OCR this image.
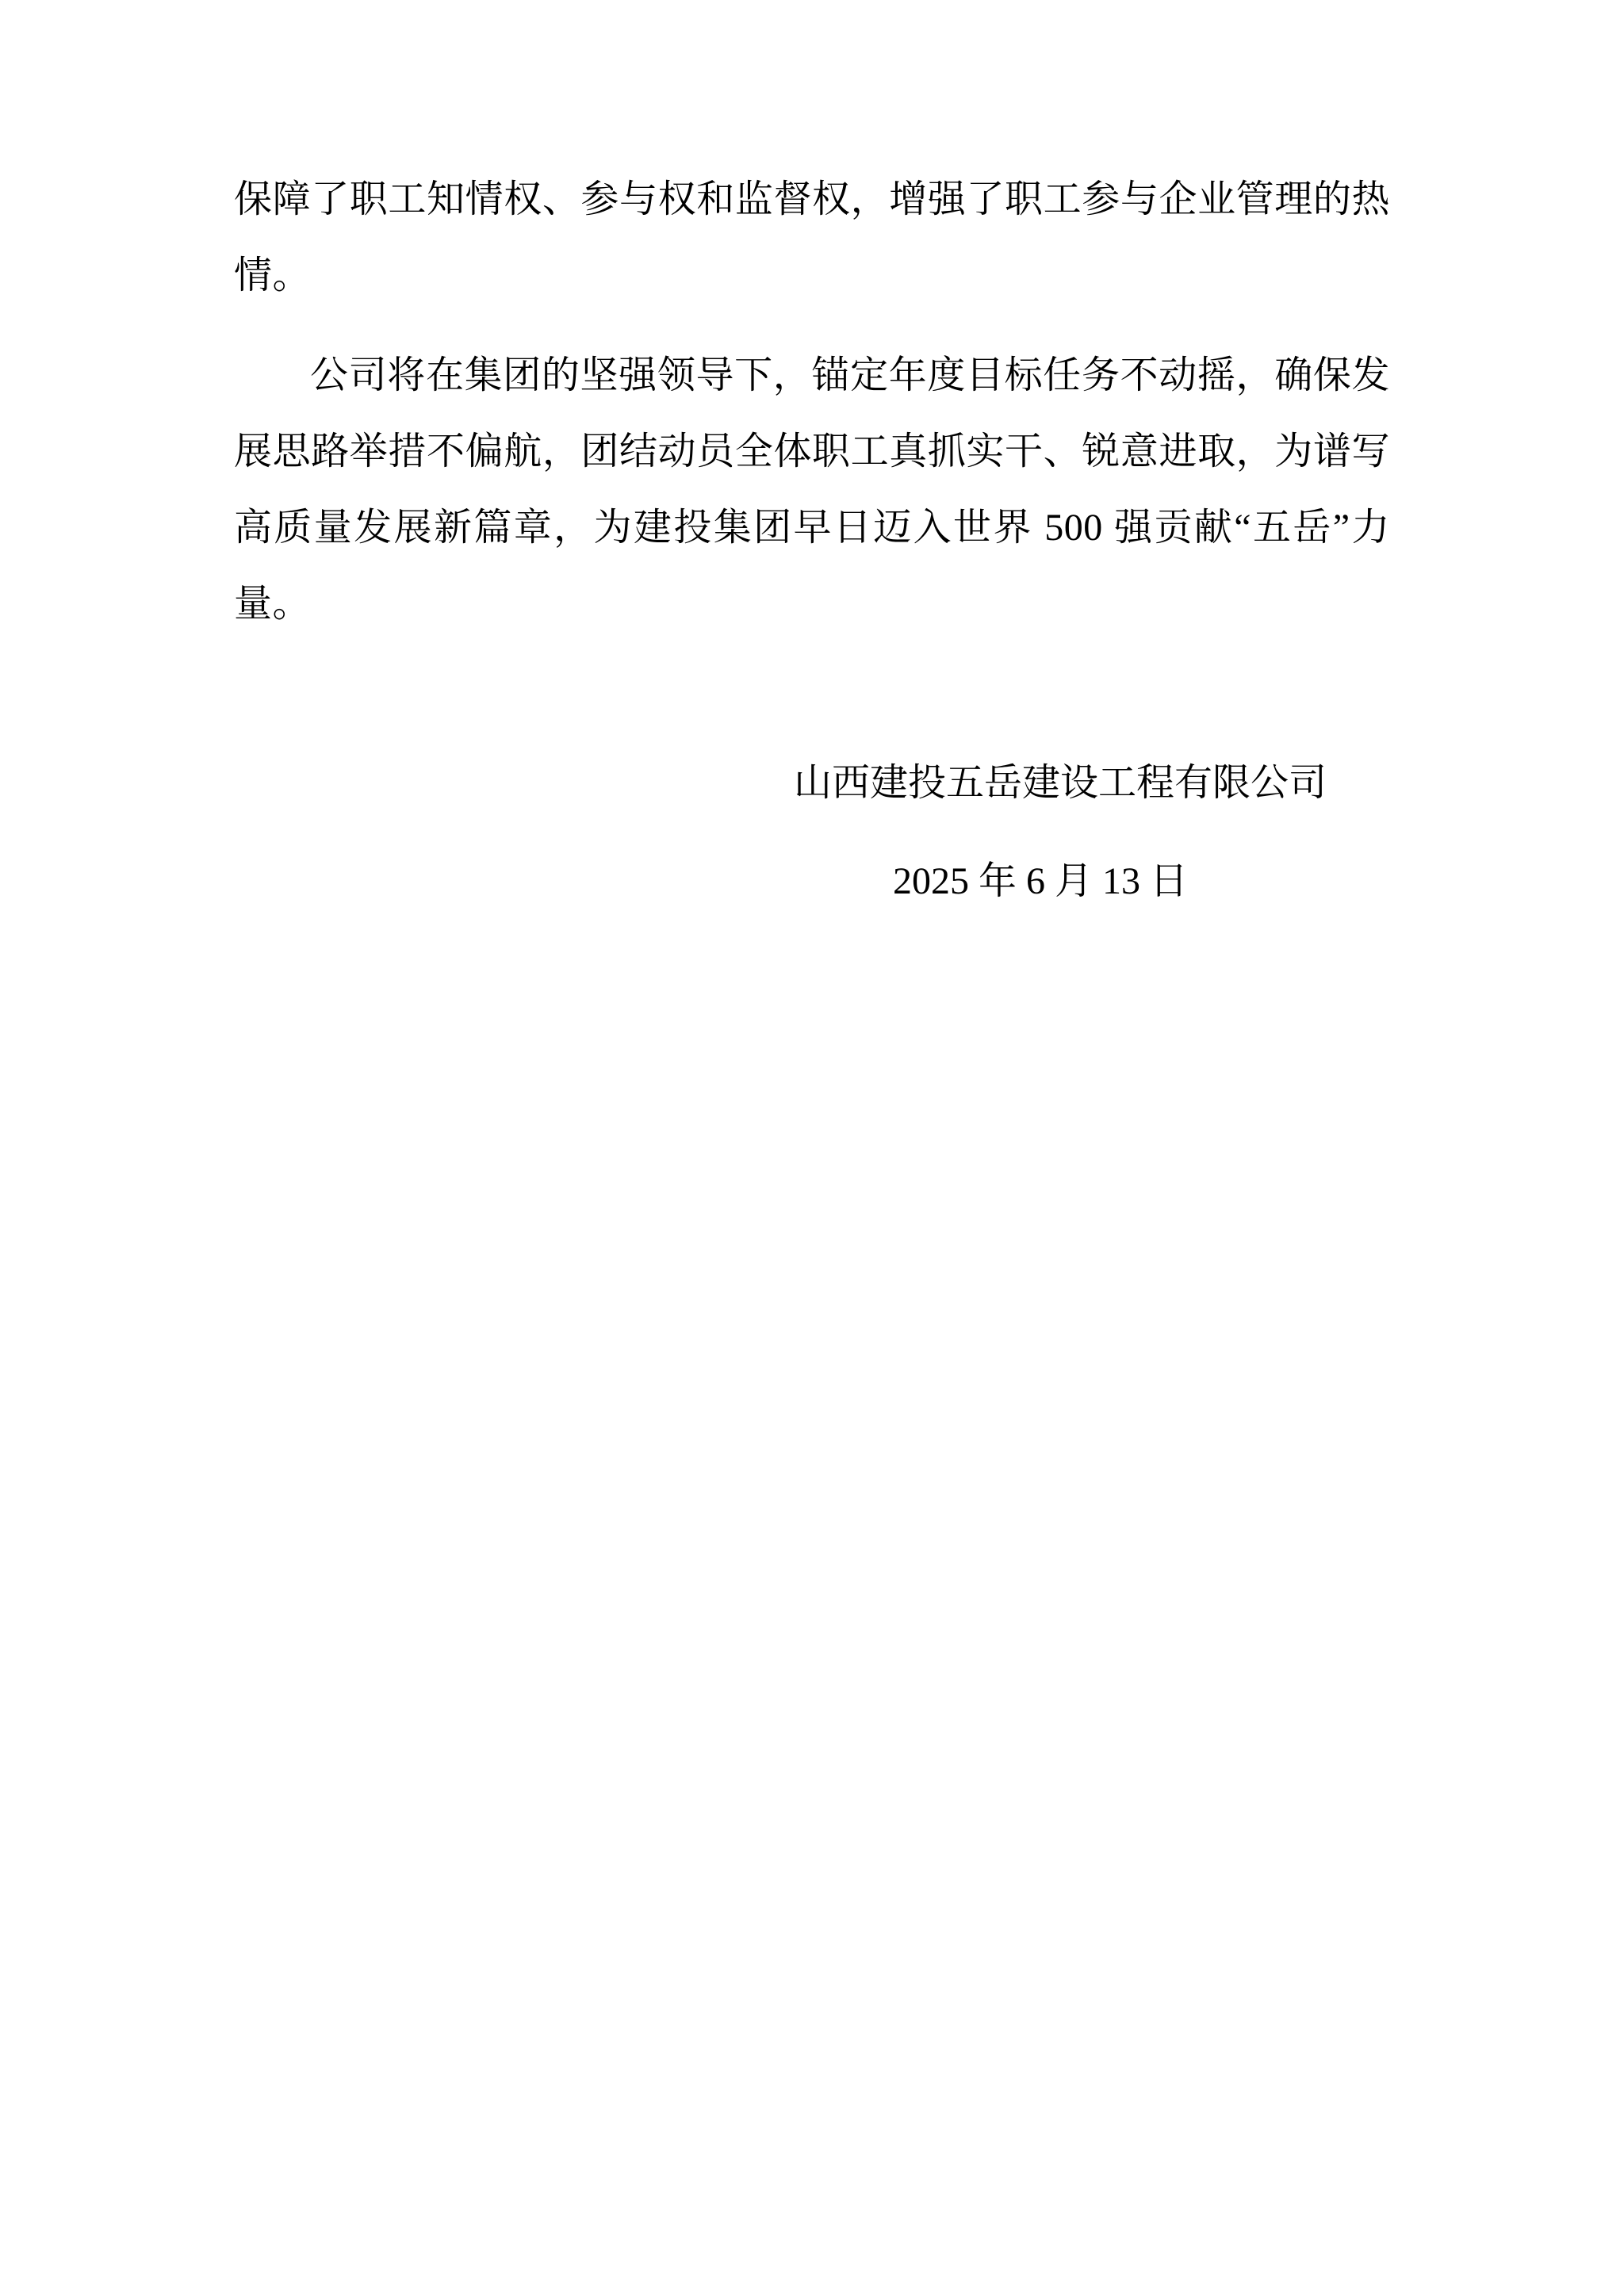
保障了职工知情权、参与权和监督权，增强了职工参与企业管理的热情。

公司将在集团的坚强领导下，锚定年度目标任务不动摇，确保发展思路举措不偏航，团结动员全体职工真抓实干、锐意进取，为谱写高质量发展新篇章，为建投集团早日迈入世界 500 强贡献“五岳”力量。

山西建投五岳建设工程有限公司

2025 年 6 月 13 日
